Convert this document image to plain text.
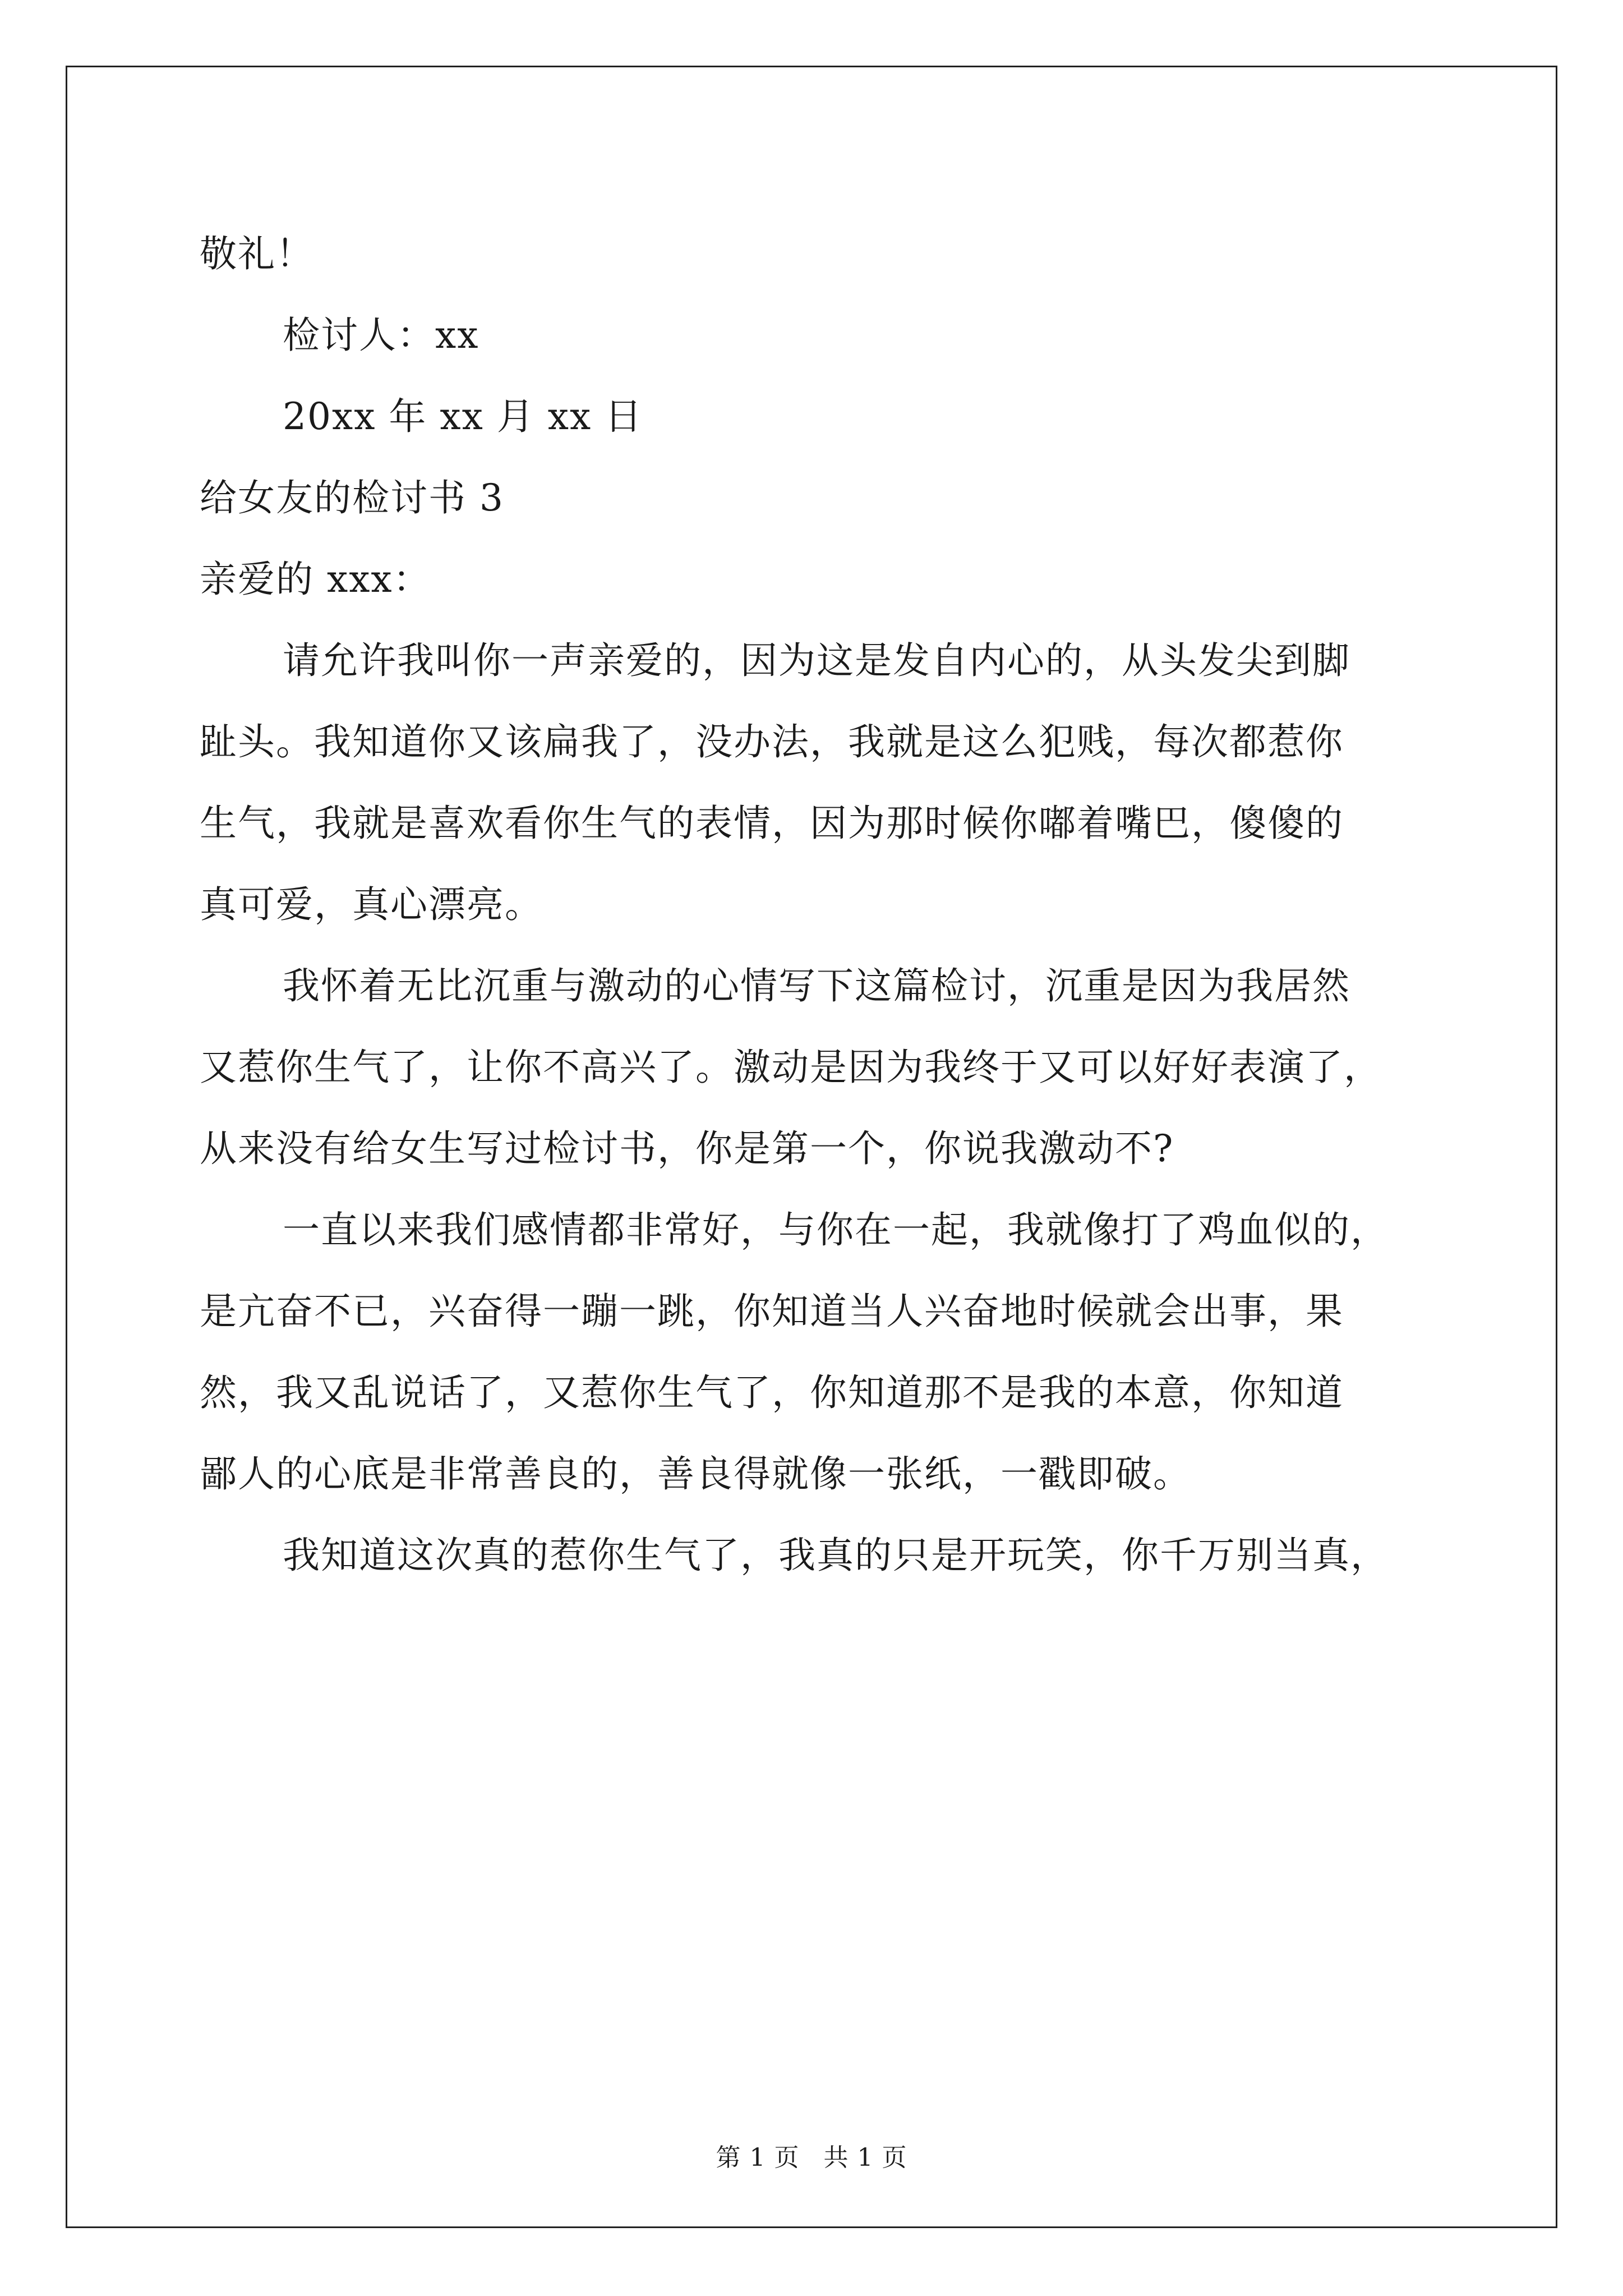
敬礼！
检讨人：xx
20xx 年 xx 月 xx 日
给女友的检讨书 3
亲爱的 xxx：
请允许我叫你一声亲爱的，因为这是发自内心的，从头发尖到脚
趾头。我知道你又该扁我了，没办法，我就是这么犯贱，每次都惹你
生气，我就是喜欢看你生气的表情，因为那时候你嘟着嘴巴，傻傻的
真可爱，真心漂亮。
我怀着无比沉重与激动的心情写下这篇检讨，沉重是因为我居然
又惹你生气了，让你不高兴了。激动是因为我终于又可以好好表演了，
从来没有给女生写过检讨书，你是第一个，你说我激动不?
一直以来我们感情都非常好，与你在一起，我就像打了鸡血似的，
是亢奋不已，兴奋得一蹦一跳，你知道当人兴奋地时候就会出事，果
然，我又乱说话了，又惹你生气了，你知道那不是我的本意，你知道
鄙人的心底是非常善良的，善良得就像一张纸，一戳即破。
我知道这次真的惹你生气了，我真的只是开玩笑，你千万别当真，
第 1 页 共 1 页
